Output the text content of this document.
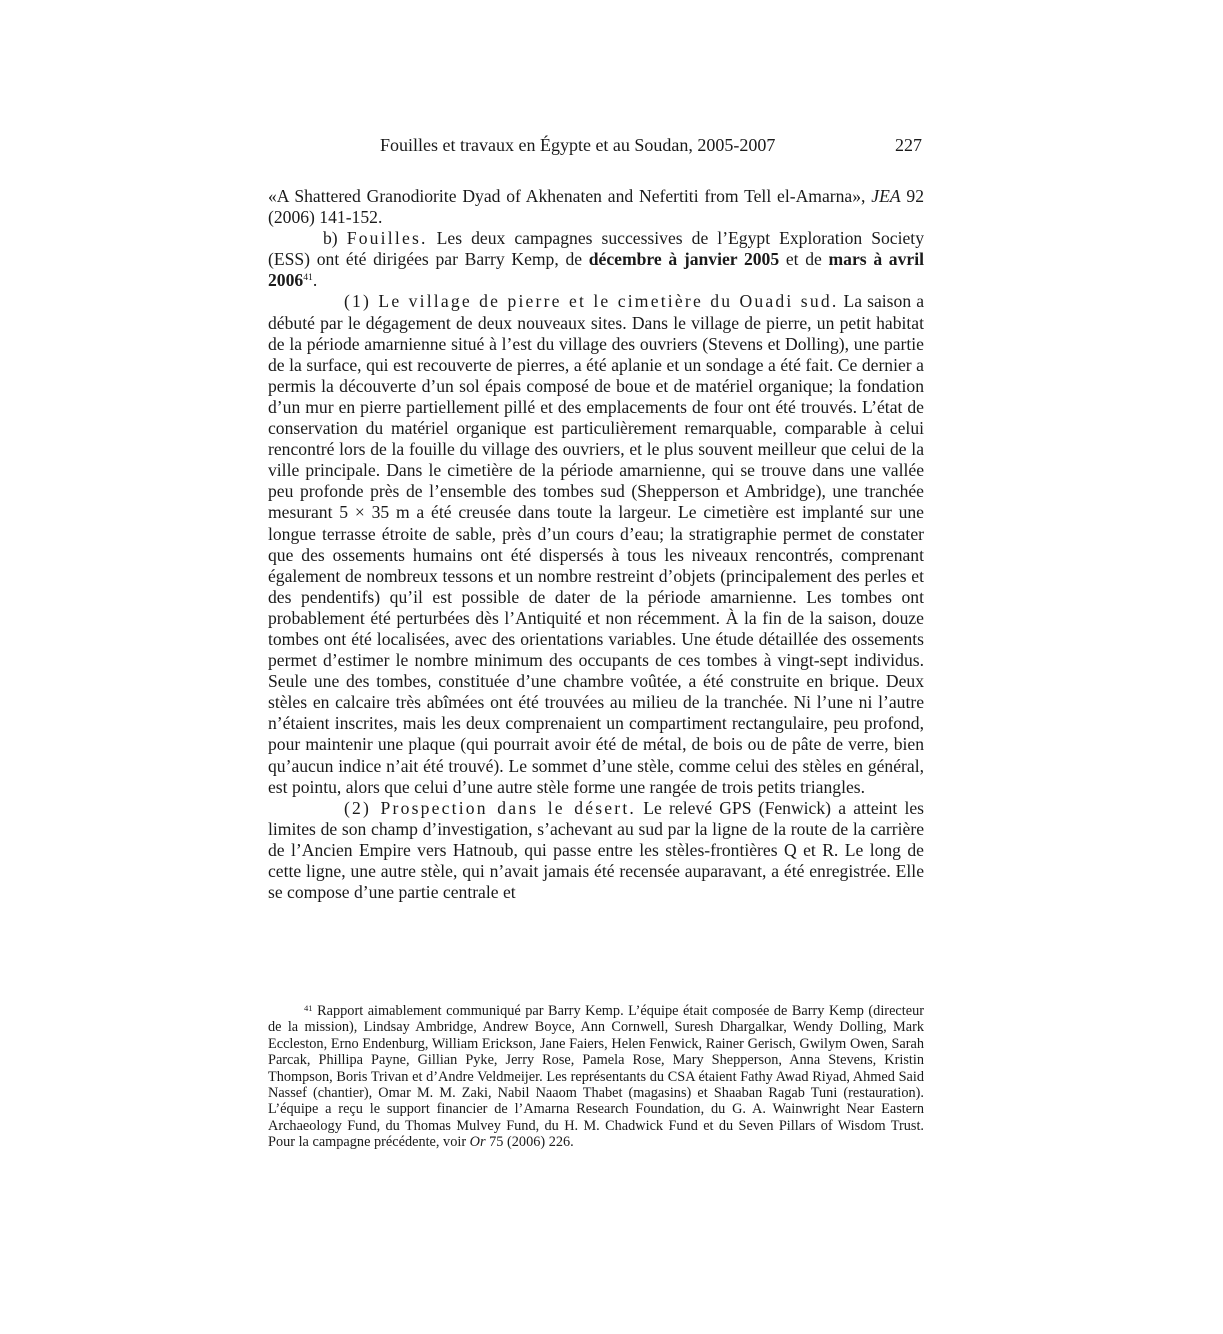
Fouilles et travaux en Égypte et au Soudan, 2005-2007	227

«A Shattered Granodiorite Dyad of Akhenaten and Nefertiti from Tell el-Amarna», JEA 92 (2006) 141-152.

b) Fouilles. Les deux campagnes successives de l’Egypt Exploration Society (ESS) ont été dirigées par Barry Kemp, de décembre à janvier 2005 et de mars à avril 2006$^{41}$.

(1) Le village de pierre et le cimetière du Ouadi sud. La saison a débuté par le dégagement de deux nouveaux sites. Dans le village de pierre, un petit habitat de la période amarnienne situé à l’est du village des ouvriers (Stevens et Dolling), une partie de la surface, qui est recouverte de pierres, a été aplanie et un sondage a été fait. Ce dernier a permis la découverte d’un sol épais composé de boue et de matériel organique; la fondation d’un mur en pierre partiellement pillé et des emplacements de four ont été trouvés. L’état de conservation du matériel organique est particulièrement remarquable, comparable à celui rencontré lors de la fouille du village des ouvriers, et le plus souvent meilleur que celui de la ville principale. Dans le cimetière de la période amarnienne, qui se trouve dans une vallée peu profonde près de l’ensemble des tombes sud (Shepperson et Ambridge), une tranchée mesurant 5 × 35 m a été creusée dans toute la largeur. Le cimetière est implanté sur une longue terrasse étroite de sable, près d’un cours d’eau; la stratigraphie permet de constater que des ossements humains ont été dispersés à tous les niveaux rencontrés, comprenant également de nombreux tessons et un nombre restreint d’objets (principalement des perles et des pendentifs) qu’il est possible de dater de la période amarnienne. Les tombes ont probablement été perturbées dès l’Antiquité et non récemment. À la fin de la saison, douze tombes ont été localisées, avec des orientations variables. Une étude détaillée des ossements permet d’estimer le nombre minimum des occupants de ces tombes à vingt-sept individus. Seule une des tombes, constituée d’une chambre voûtée, a été construite en brique. Deux stèles en calcaire très abîmées ont été trouvées au milieu de la tranchée. Ni l’une ni l’autre n’étaient inscrites, mais les deux comprenaient un compartiment rectangulaire, peu profond, pour maintenir une plaque (qui pourrait avoir été de métal, de bois ou de pâte de verre, bien qu’aucun indice n’ait été trouvé). Le sommet d’une stèle, comme celui des stèles en général, est pointu, alors que celui d’une autre stèle forme une rangée de trois petits triangles.

(2) Prospection dans le désert. Le relevé GPS (Fenwick) a atteint les limites de son champ d’investigation, s’achevant au sud par la ligne de la route de la carrière de l’Ancien Empire vers Hatnoub, qui passe entre les stèles-frontières Q et R. Le long de cette ligne, une autre stèle, qui n’avait jamais été recensée auparavant, a été enregistrée. Elle se compose d’une partie centrale et

$^{41}$ Rapport aimablement communiqué par Barry Kemp. L’équipe était composée de Barry Kemp (directeur de la mission), Lindsay Ambridge, Andrew Boyce, Ann Cornwell, Suresh Dhargalkar, Wendy Dolling, Mark Eccleston, Erno Endenburg, William Erickson, Jane Faiers, Helen Fenwick, Rainer Gerisch, Gwilym Owen, Sarah Parcak, Phillipa Payne, Gillian Pyke, Jerry Rose, Pamela Rose, Mary Shepperson, Anna Stevens, Kristin Thompson, Boris Trivan et d’Andre Veldmeijer. Les représentants du CSA étaient Fathy Awad Riyad, Ahmed Said Nassef (chantier), Omar M. M. Zaki, Nabil Naaom Thabet (magasins) et Shaaban Ragab Tuni (restauration). L’équipe a reçu le support financier de l’Amarna Research Foundation, du G. A. Wainwright Near Eastern Archaeology Fund, du Thomas Mulvey Fund, du H. M. Chadwick Fund et du Seven Pillars of Wisdom Trust. Pour la campagne précédente, voir Or 75 (2006) 226.
